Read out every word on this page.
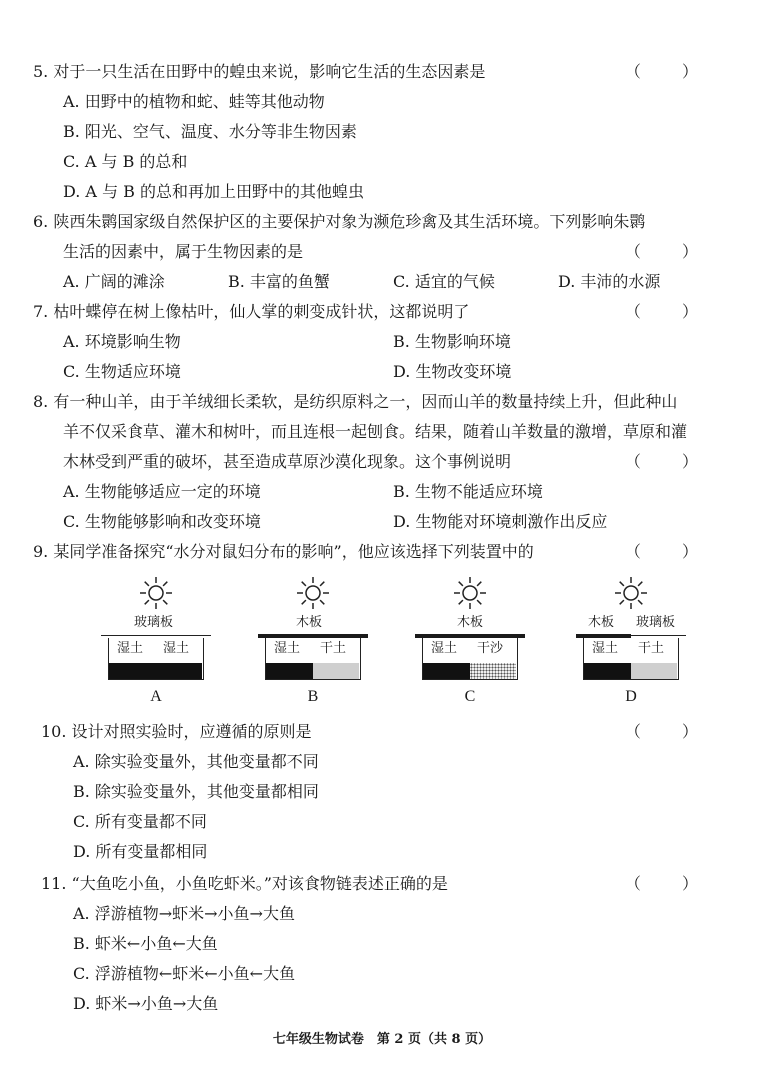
5. 对于一只生活在田野中的蝗虫来说，影响它生活的生态因素是	（ ）
A. 田野中的植物和蛇、蛙等其他动物
B. 阳光、空气、温度、水分等非生物因素
C. A 与 B 的总和
D. A 与 B 的总和再加上田野中的其他蝗虫
6. 陕西朱鹮国家级自然保护区的主要保护对象为濒危珍禽及其生活环境。下列影响朱鹮
生活的因素中，属于生物因素的是	（ ）
A. 广阔的滩涂	B. 丰富的鱼蟹	C. 适宜的气候	D. 丰沛的水源
7. 枯叶蝶停在树上像枯叶，仙人掌的刺变成针状，这都说明了	（ ）
A. 环境影响生物	B. 生物影响环境
C. 生物适应环境	D. 生物改变环境
8. 有一种山羊，由于羊绒细长柔软，是纺织原料之一，因而山羊的数量持续上升，但此种山
羊不仅采食草、灌木和树叶，而且连根一起刨食。结果，随着山羊数量的激增，草原和灌
木林受到严重的破坏，甚至造成草原沙漠化现象。这个事例说明	（ ）
A. 生物能够适应一定的环境	B. 生物不能适应环境
C. 生物能够影响和改变环境	D. 生物能对环境刺激作出反应
9. 某同学准备探究“水分对鼠妇分布的影响”，他应该选择下列装置中的	（ ）
玻璃板
湿土 湿土
A
木板
湿土 干土
B
木板
湿土 干沙
C
木板 玻璃板
湿土 干土
D
10. 设计对照实验时，应遵循的原则是	（ ）
A. 除实验变量外，其他变量都不同
B. 除实验变量外，其他变量都相同
C. 所有变量都不同
D. 所有变量都相同
11. “大鱼吃小鱼，小鱼吃虾米。”对该食物链表述正确的是	（ ）
A. 浮游植物→虾米→小鱼→大鱼
B. 虾米←小鱼←大鱼
C. 浮游植物←虾米←小鱼←大鱼
D. 虾米→小鱼→大鱼
七年级生物试卷　第 2 页（共 8 页）
